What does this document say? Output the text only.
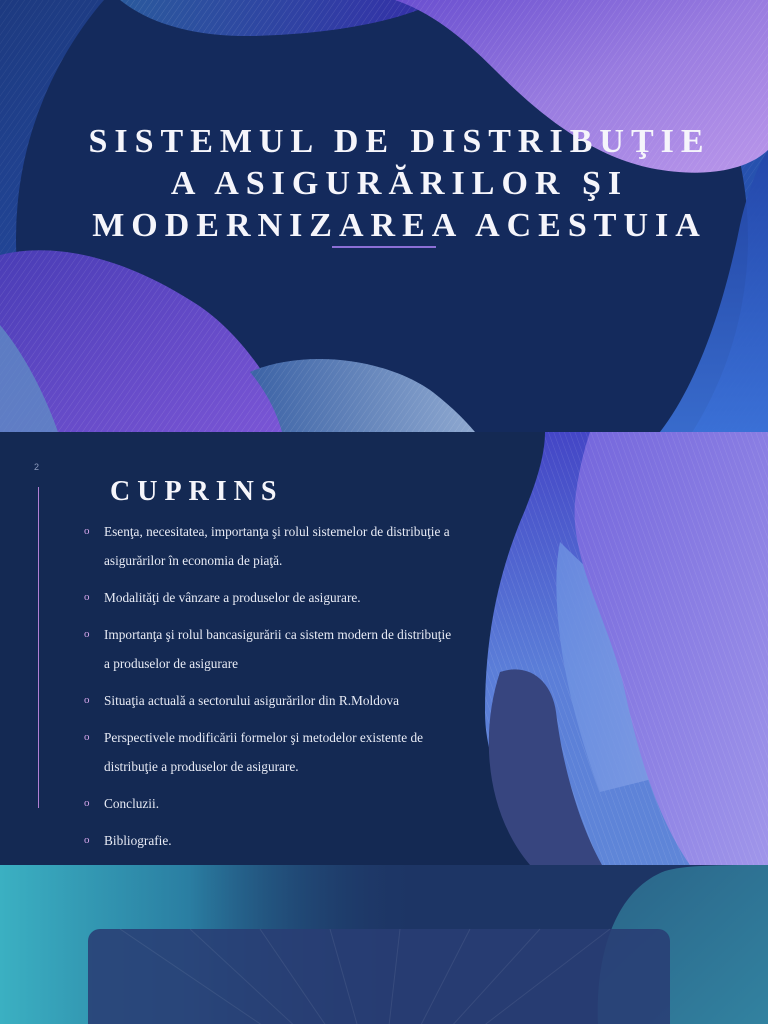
SISTEMUL DE DISTRIBUŢIE
A ASIGURĂRILOR ŞI
MODERNIZAREA ACESTUIA
2
CUPRINS
o Esenţa, necesitatea, importanţa şi rolul sistemelor de distribuţie a
asigurărilor în economia de piaţă.
o Modalităţi de vânzare a produselor de asigurare.
o Importanţa şi rolul bancasigurării ca sistem modern de distribuţie
a produselor de asigurare
o Situaţia actuală a sectorului asigurărilor din R.Moldova
o Perspectivele modificării formelor şi metodelor existente de
distribuţie a produselor de asigurare.
o Concluzii.
o Bibliografie.
